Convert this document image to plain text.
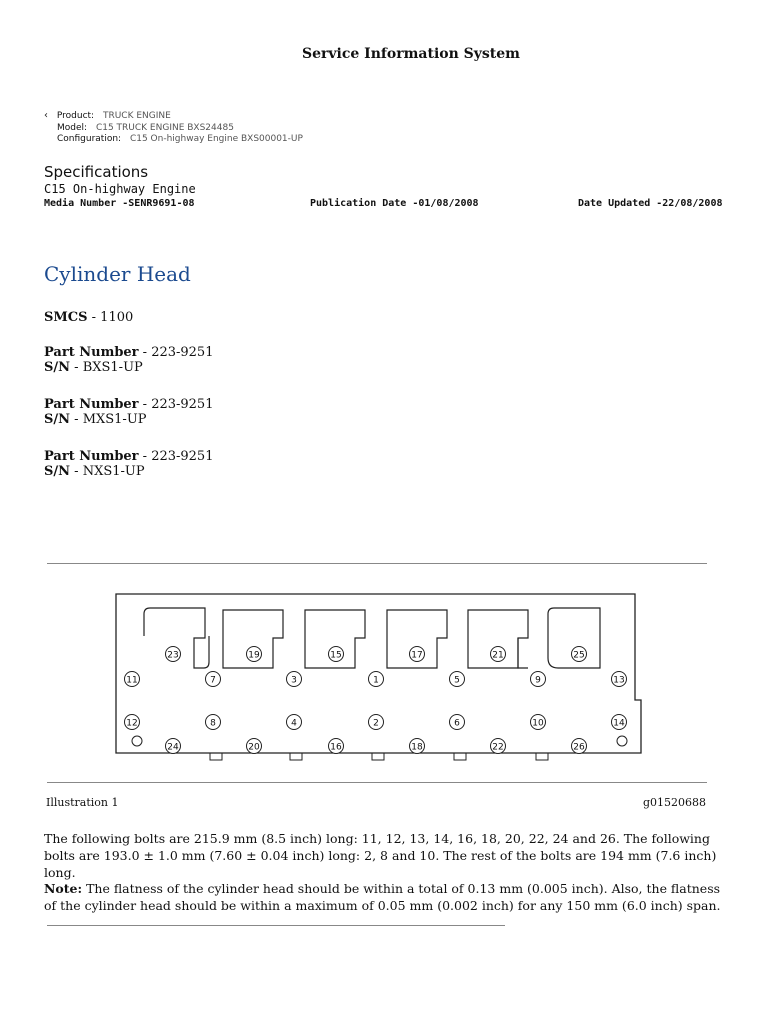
Service Information System
‹ Product: TRUCK ENGINE
Model: C15 TRUCK ENGINE BXS24485
Configuration: C15 On-highway Engine BXS00001-UP
Specifications
C15 On-highway Engine
Media Number -SENR9691-08	Publication Date -01/08/2008	Date Updated -22/08/2008
Cylinder Head
SMCS - 1100
Part Number - 223-9251
S/N - BXS1-UP
Part Number - 223-9251
S/N - MXS1-UP
Part Number - 223-9251
S/N - NXS1-UP
23	19	15	17	21	25
11	7	3	1	5	9	13
12	8	4	2	6	10	14
24	20	16	18	22	26
Illustration 1	g01520688
The following bolts are 215.9 mm (8.5 inch) long: 11, 12, 13, 14, 16, 18, 20, 22, 24 and 26. The following bolts are 193.0 ± 1.0 mm (7.60 ± 0.04 inch) long: 2, 8 and 10. The rest of the bolts are 194 mm (7.6 inch) long.
Note: The flatness of the cylinder head should be within a total of 0.13 mm (0.005 inch). Also, the flatness of the cylinder head should be within a maximum of 0.05 mm (0.002 inch) for any 150 mm (6.0 inch) span.
